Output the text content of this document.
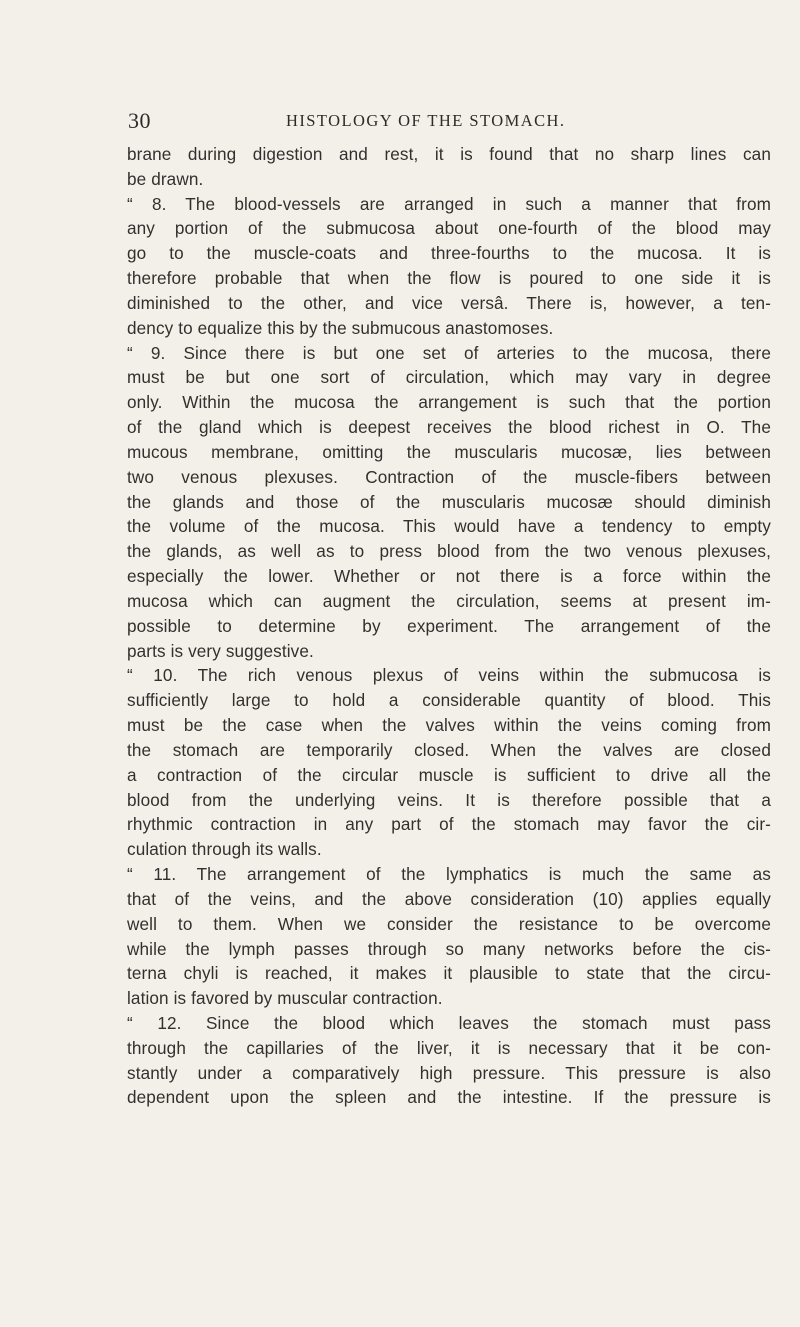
30	HISTOLOGY OF THE STOMACH.
brane during digestion and rest, it is found that no sharp lines can
be drawn.
“ 8. The blood-vessels are arranged in such a manner that from
any portion of the submucosa about one-fourth of the blood may
go to the muscle-coats and three-fourths to the mucosa. It is
therefore probable that when the flow is poured to one side it is
diminished to the other, and vice versâ. There is, however, a ten-
dency to equalize this by the submucous anastomoses.
“ 9. Since there is but one set of arteries to the mucosa, there
must be but one sort of circulation, which may vary in degree
only. Within the mucosa the arrangement is such that the portion
of the gland which is deepest receives the blood richest in O. The
mucous membrane, omitting the muscularis mucosæ, lies between
two venous plexuses. Contraction of the muscle-fibers between
the glands and those of the muscularis mucosæ should diminish
the volume of the mucosa. This would have a tendency to empty
the glands, as well as to press blood from the two venous plexuses,
especially the lower. Whether or not there is a force within the
mucosa which can augment the circulation, seems at present im-
possible to determine by experiment. The arrangement of the
parts is very suggestive.
“ 10. The rich venous plexus of veins within the submucosa is
sufficiently large to hold a considerable quantity of blood. This
must be the case when the valves within the veins coming from
the stomach are temporarily closed. When the valves are closed
a contraction of the circular muscle is sufficient to drive all the
blood from the underlying veins. It is therefore possible that a
rhythmic contraction in any part of the stomach may favor the cir-
culation through its walls.
“ 11. The arrangement of the lymphatics is much the same as
that of the veins, and the above consideration (10) applies equally
well to them. When we consider the resistance to be overcome
while the lymph passes through so many networks before the cis-
terna chyli is reached, it makes it plausible to state that the circu-
lation is favored by muscular contraction.
“ 12. Since the blood which leaves the stomach must pass
through the capillaries of the liver, it is necessary that it be con-
stantly under a comparatively high pressure. This pressure is also
dependent upon the spleen and the intestine. If the pressure is
